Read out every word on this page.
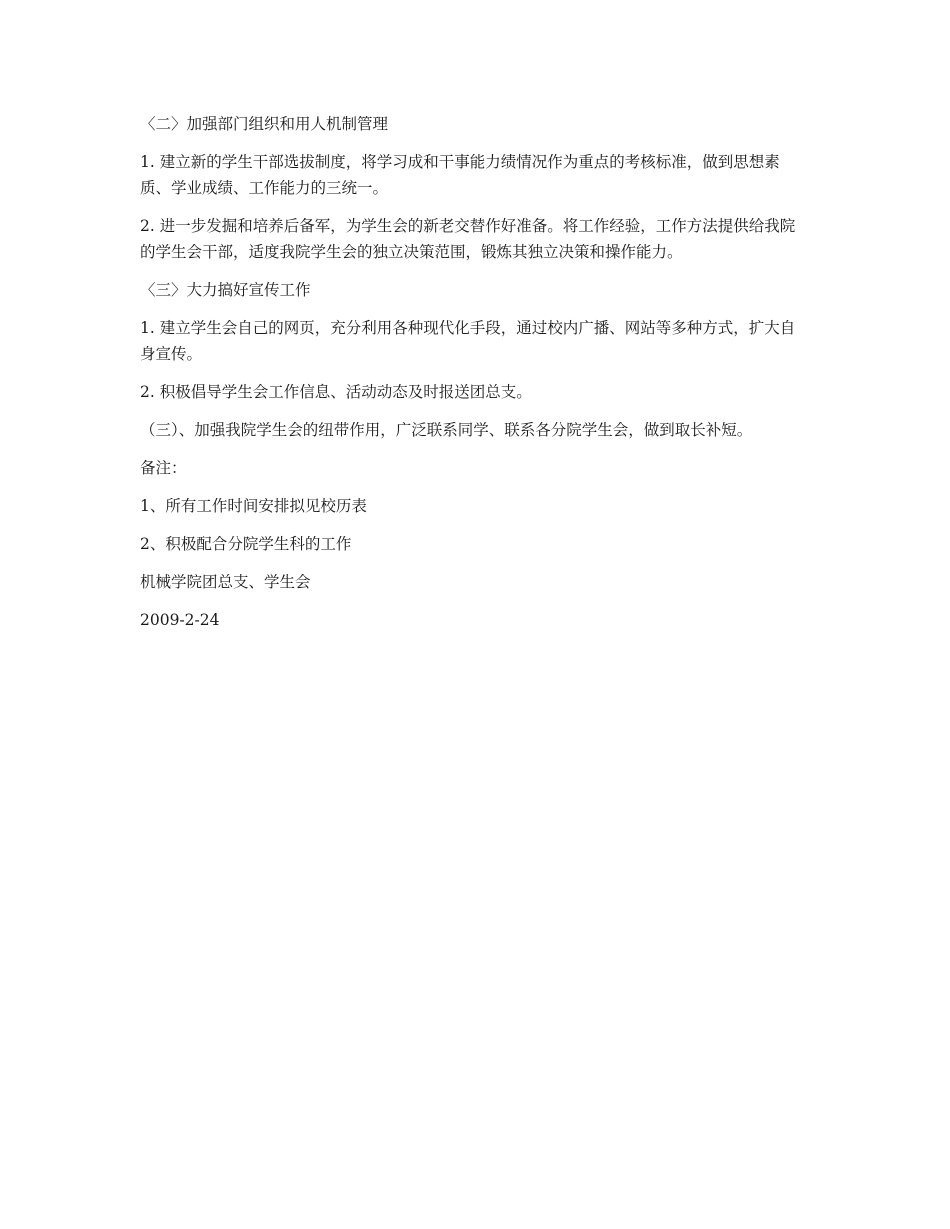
〈二〉加强部门组织和用人机制管理

1. 建立新的学生干部选拔制度，将学习成和干事能力绩情况作为重点的考核标准，做到思想素质、学业成绩、工作能力的三统一。

2. 进一步发掘和培养后备军，为学生会的新老交替作好准备。将工作经验，工作方法提供给我院的学生会干部，适度我院学生会的独立决策范围，锻炼其独立决策和操作能力。

〈三〉大力搞好宣传工作

1. 建立学生会自己的网页，充分利用各种现代化手段，通过校内广播、网站等多种方式，扩大自身宣传。

2. 积极倡导学生会工作信息、活动动态及时报送团总支。

（三）、加强我院学生会的纽带作用，广泛联系同学、联系各分院学生会，做到取长补短。

备注：

1、所有工作时间安排拟见校历表

2、积极配合分院学生科的工作

机械学院团总支、学生会

2009-2-24
